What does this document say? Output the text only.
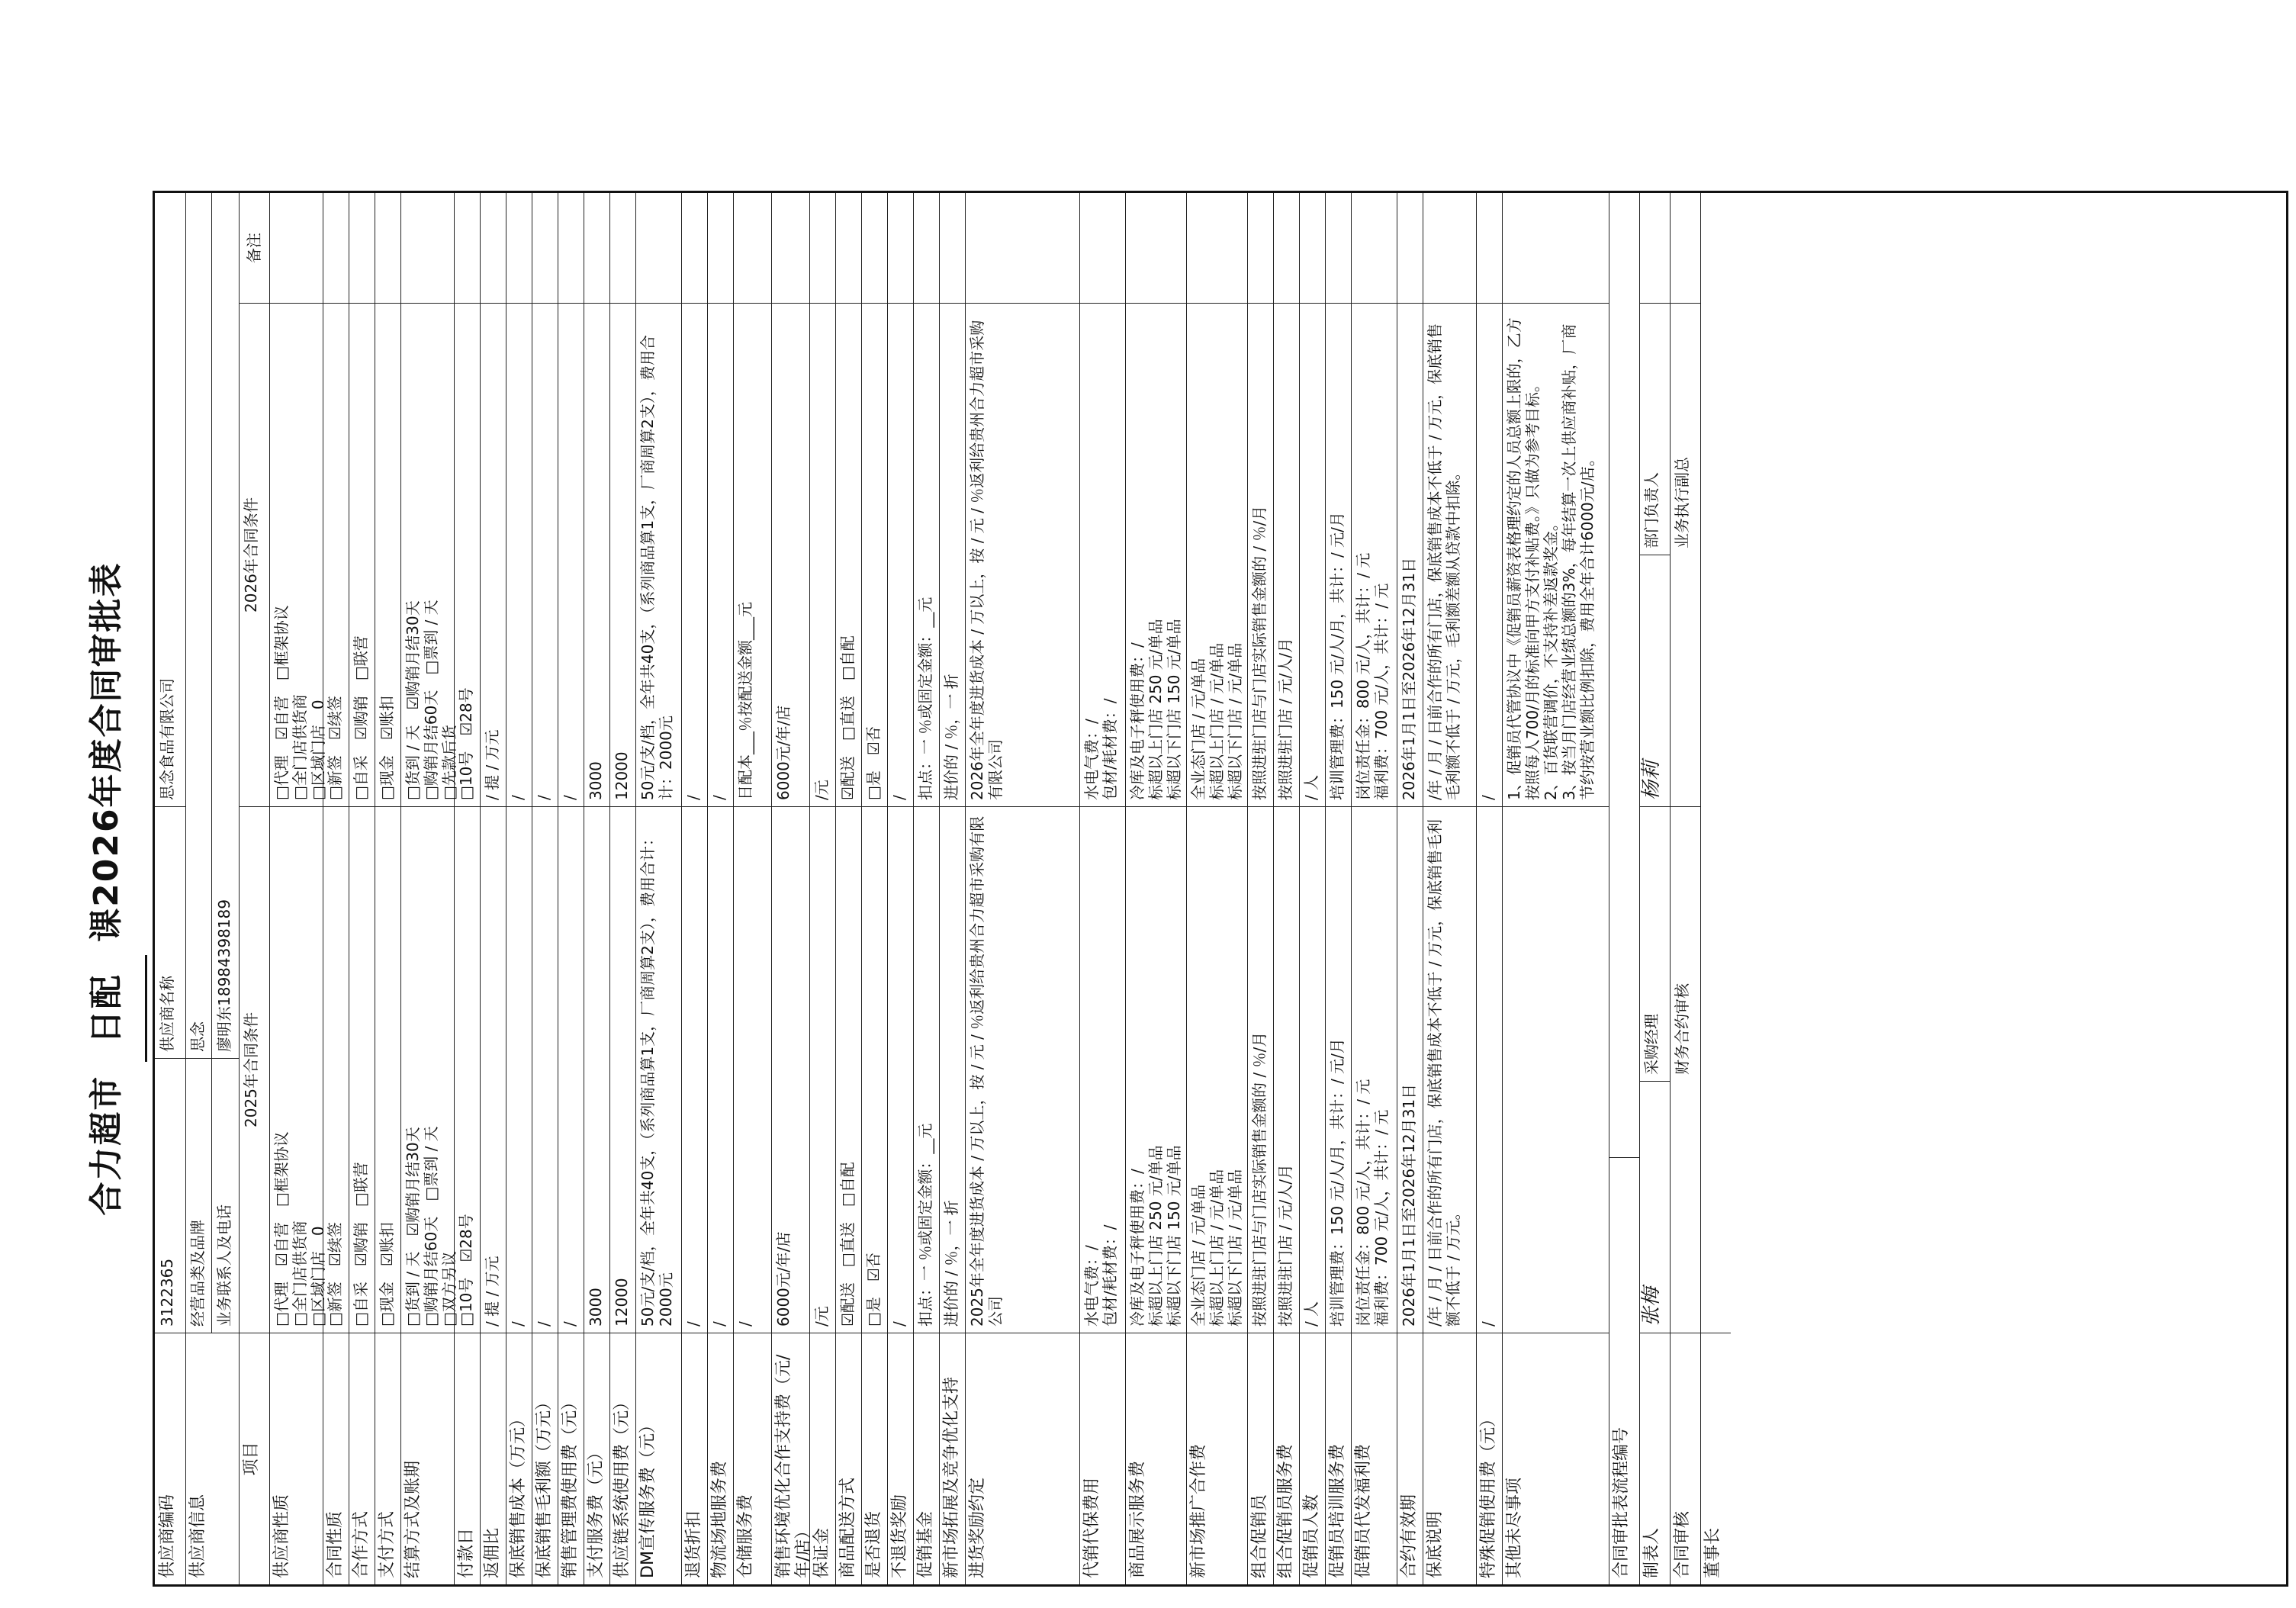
合力超市 日配 课2026年度合同审批表
供应商编码
3122365
供应商名称
思念食品有限公司
供应商信息
经营品类及品牌 业务联系人及电话
思念 廖明东18984398189
项目
2025年合同条件
2026年合同条件
备注
供应商性质
□代理　☑自营　□框架协议
□全门店供货商
□区域门店　0
□代理　☑自营　□框架协议
□全门店供货商
□区域门店　0
合同性质
□新签　☑续签
□新签　☑续签
合作方式
□自采　☑购销　□联营
□自采　☑购销　□联营
支付方式
□现金　☑账扣
□现金　☑账扣
结算方式及账期
□货到 / 天　☑购销月结30天
□购销月结60天　□票到 / 天
□双方另议
□货到 / 天　☑购销月结30天
□购销月结60天　□票到 / 天
□先款后货
付款日
□10号　☑28号
□10号　☑28号
返佣比
/ 提 / 万元
/ 提 / 万元
保底销售成本（万元）
/
/
保底销售毛利额（万元）
/
/
销售管理费使用费（元）
/
/
支付服务费（元）
3000
3000
供应链系统使用费（元）
12000
12000
DM宣传服务费（元）
50元/支/档，全年共40支，（系列商品算1支，厂商周算2支），费用合计：2000元
50元/支/档，全年共40支，（系列商品算1支，厂商周算2支），费用合计：2000元
退货折扣
/
/
物流场地服务费
/
/
仓储服务费
/
日配本___％按配送金额___元
销售环境优化合作支持费（元/年/店）
6000元/年/店
6000元/年/店
保证金
/元
/元
商品配送方式
☑配送　□直送　□自配
☑配送　□直送　□自配
是否退货
□是　☑否
□是　☑否
不退货奖励
/
/
促销基金
扣点：一 ％或固定金额：__元
扣点：一 ％或固定金额：__元
新市场拓展及竞争优化支持
进价的 / ％，一 折
进价的 / ％，一 折
进货奖励约定
2025年全年度进货成本 / 万以上，按 / 元 / ％返利给贵州合力超市采购有限公司
2026年全年度进货成本 / 万以上，按 / 元 / ％返利给贵州合力超市采购有限公司
代销代保费用
水电气费：/
包材/耗材费：/
水电气费：/
包材/耗材费：/
商品展示服务费
冷库及电子秤使用费：/
标超以上门店 250 元/单品
标超以下门店 150 元/单品
冷库及电子秤使用费：/
标超以上门店 250 元/单品
标超以下门店 150 元/单品
新市场推广合作费
全业态门店 / 元/单品
标超以上门店 / 元/单品
标超以下门店 / 元/单品
全业态门店 / 元/单品
标超以上门店 / 元/单品
标超以下门店 / 元/单品
组合促销员
按照进驻门店与门店实际销售金额的 / ％/月
按照进驻门店与门店实际销售金额的 / ％/月
组合促销员服务费
按照进驻门店 / 元/人/月
按照进驻门店 / 元/人/月
促销员人数
/ 人
/ 人
促销员培训服务费
培训管理费：150 元/人/月，共计：/ 元/月
培训管理费：150 元/人/月，共计：/ 元/月
促销员代发福利费
岗位责任金：800 元/人，共计：/ 元
福利费：700 元/人，共计：/ 元
岗位责任金：800 元/人，共计：/ 元
福利费：700 元/人，共计：/ 元
合约有效期
2026年1月1日至2026年12月31日
2026年1月1日至2026年12月31日
保底说明
/年 / 月 / 日前合作的所有门店，保底销售成本不低于 / 万元，保底销售毛利额不低于 / 万元。
/年 / 月 / 日前合作的所有门店，保底销售成本不低于 / 万元，保底销售毛利额不低于 / 万元，毛利额差额从贷款中扣除。
特殊促销使用费（元）
/
/
其他未尽事项
1、促销员代管协议中《促销员薪资表格理约定的人员总额上限的，乙方按照每人700/月的标准向甲方支付补贴费。》只做为参考目标。
2、百货联营调价，不支持补差返款奖金。
3、按当月门店经营业绩总额的3%，每年结算一次上供应商补贴，厂商节约按营业额比例扣除，费用全年合计6000元/店。
合同审批表流程编号 制表人
张梅
采购经理
杨莉
部门负责人
合同审核
财务合约审核
业务执行副总
董事长
